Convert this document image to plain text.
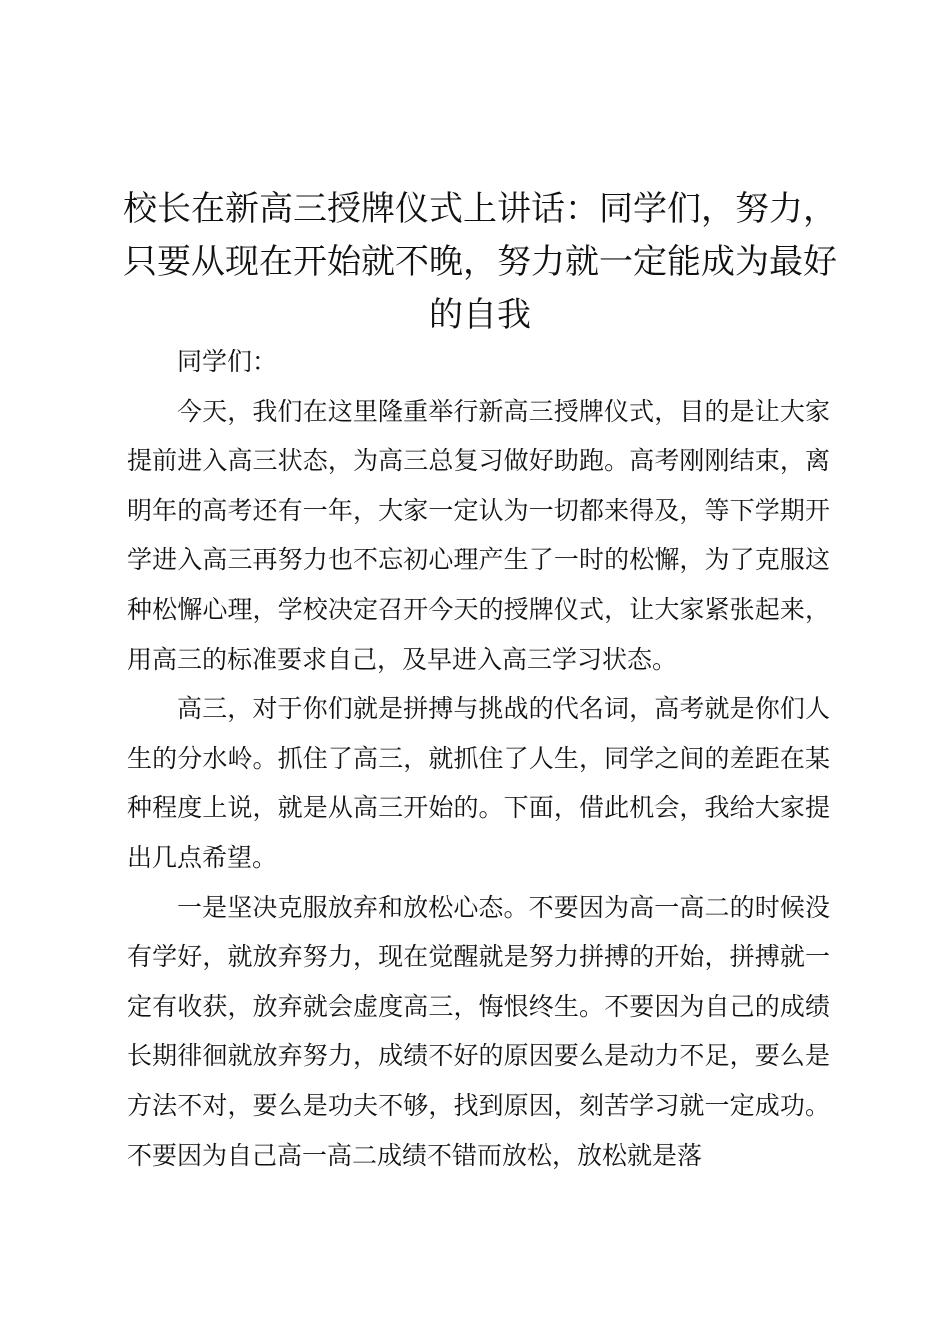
校长在新高三授牌仪式上讲话：同学们，努力，只要从现在开始就不晚，努力就一定能成为最好的自我

同学们：

今天，我们在这里隆重举行新高三授牌仪式，目的是让大家提前进入高三状态，为高三总复习做好助跑。高考刚刚结束，离明年的高考还有一年，大家一定认为一切都来得及，等下学期开学进入高三再努力也不忘初心理产生了一时的松懈，为了克服这种松懈心理，学校决定召开今天的授牌仪式，让大家紧张起来，用高三的标准要求自己，及早进入高三学习状态。

高三，对于你们就是拼搏与挑战的代名词，高考就是你们人生的分水岭。抓住了高三，就抓住了人生，同学之间的差距在某种程度上说，就是从高三开始的。下面，借此机会，我给大家提出几点希望。

一是坚决克服放弃和放松心态。不要因为高一高二的时候没有学好，就放弃努力，现在觉醒就是努力拼搏的开始，拼搏就一定有收获，放弃就会虚度高三，悔恨终生。不要因为自己的成绩长期徘徊就放弃努力，成绩不好的原因要么是动力不足，要么是方法不对，要么是功夫不够，找到原因，刻苦学习就一定成功。不要因为自己高一高二成绩不错而放松，放松就是落
